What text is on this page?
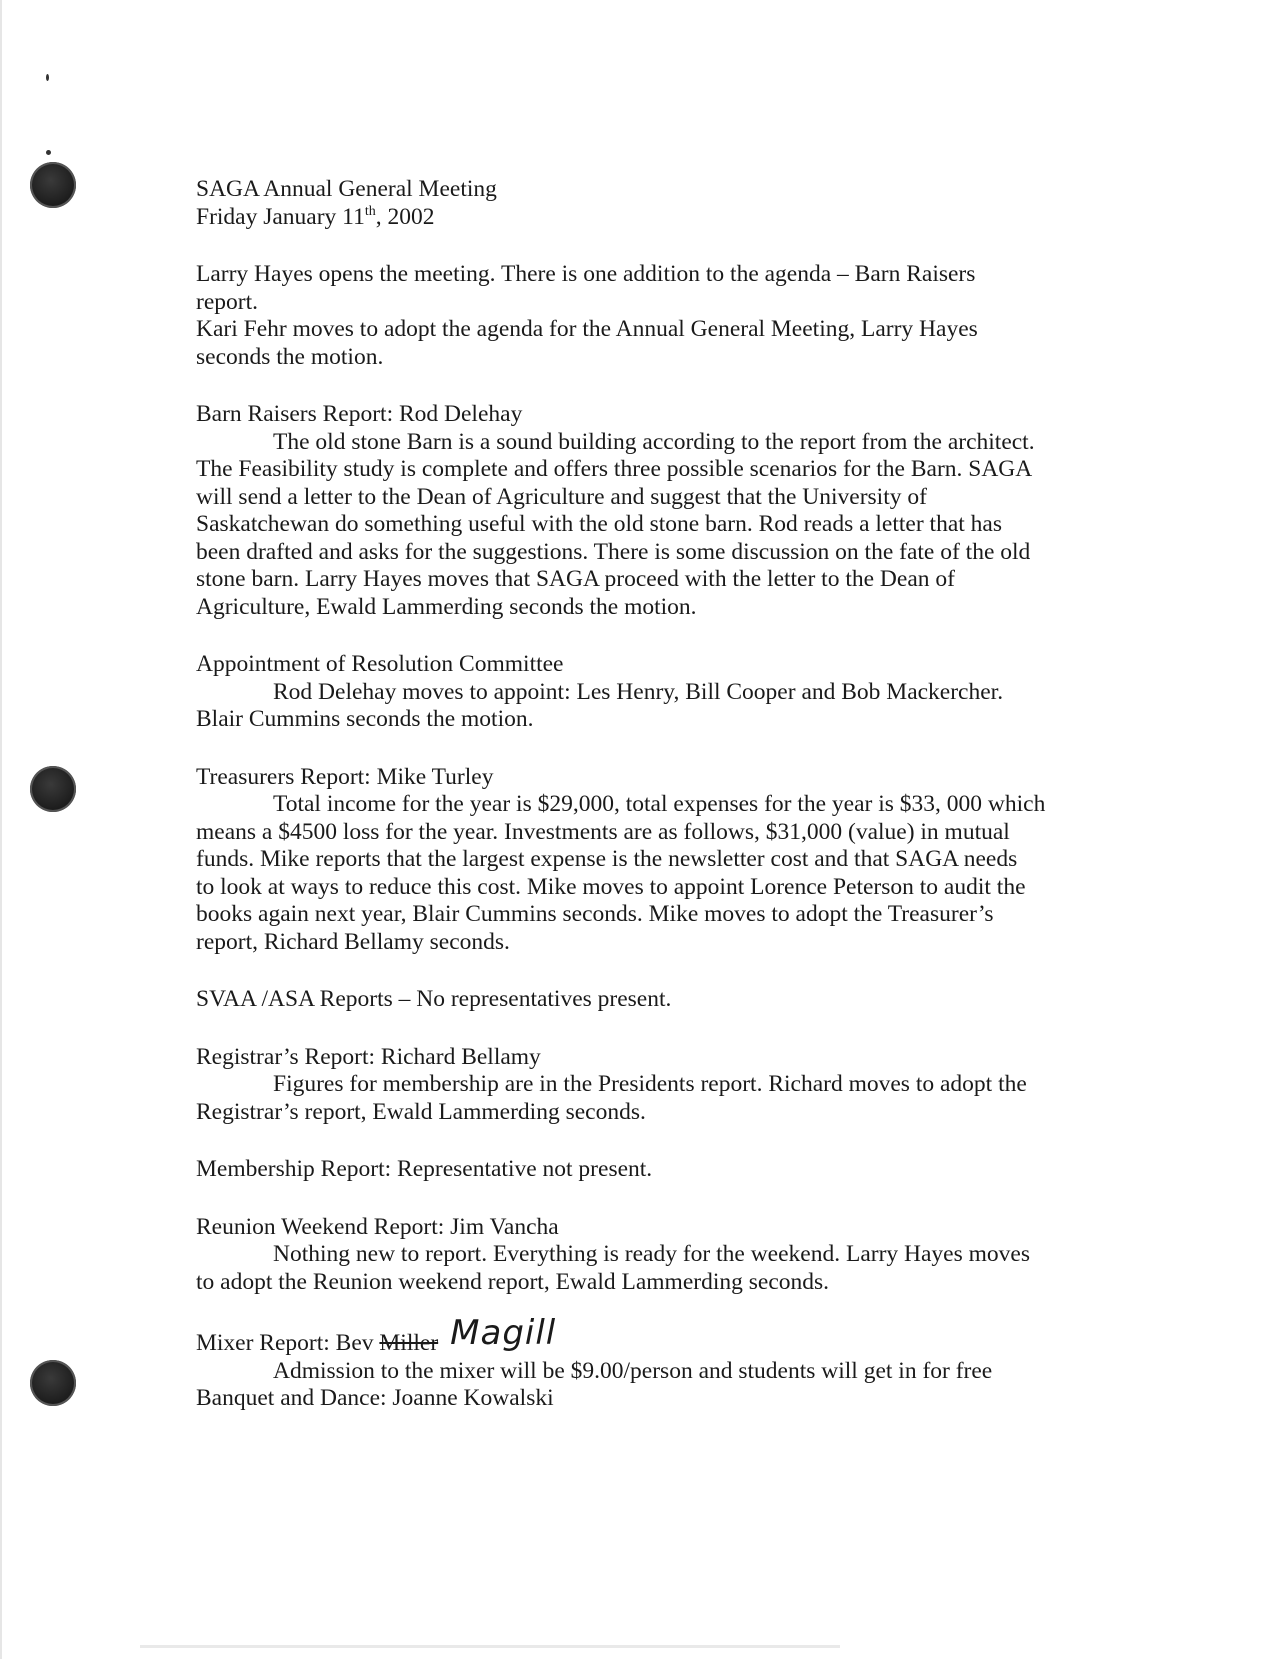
SAGA Annual General Meeting
Friday January 11th, 2002
Larry Hayes opens the meeting. There is one addition to the agenda – Barn Raisers
report.
Kari Fehr moves to adopt the agenda for the Annual General Meeting, Larry Hayes
seconds the motion.
Barn Raisers Report: Rod Delehay
The old stone Barn is a sound building according to the report from the architect.
The Feasibility study is complete and offers three possible scenarios for the Barn. SAGA
will send a letter to the Dean of Agriculture and suggest that the University of
Saskatchewan do something useful with the old stone barn. Rod reads a letter that has
been drafted and asks for the suggestions. There is some discussion on the fate of the old
stone barn. Larry Hayes moves that SAGA proceed with the letter to the Dean of
Agriculture, Ewald Lammerding seconds the motion.
Appointment of Resolution Committee
Rod Delehay moves to appoint: Les Henry, Bill Cooper and Bob Mackercher.
Blair Cummins seconds the motion.
Treasurers Report: Mike Turley
Total income for the year is $29,000, total expenses for the year is $33, 000 which
means a $4500 loss for the year. Investments are as follows, $31,000 (value) in mutual
funds. Mike reports that the largest expense is the newsletter cost and that SAGA needs
to look at ways to reduce this cost. Mike moves to appoint Lorence Peterson to audit the
books again next year, Blair Cummins seconds. Mike moves to adopt the Treasurer’s
report, Richard Bellamy seconds.
SVAA /ASA Reports – No representatives present.
Registrar’s Report: Richard Bellamy
Figures for membership are in the Presidents report. Richard moves to adopt the
Registrar’s report, Ewald Lammerding seconds.
Membership Report: Representative not present.
Reunion Weekend Report: Jim Vancha
Nothing new to report. Everything is ready for the weekend. Larry Hayes moves
to adopt the Reunion weekend report, Ewald Lammerding seconds.
Mixer Report: Bev Miller Magill
Admission to the mixer will be $9.00/person and students will get in for free
Banquet and Dance: Joanne Kowalski
